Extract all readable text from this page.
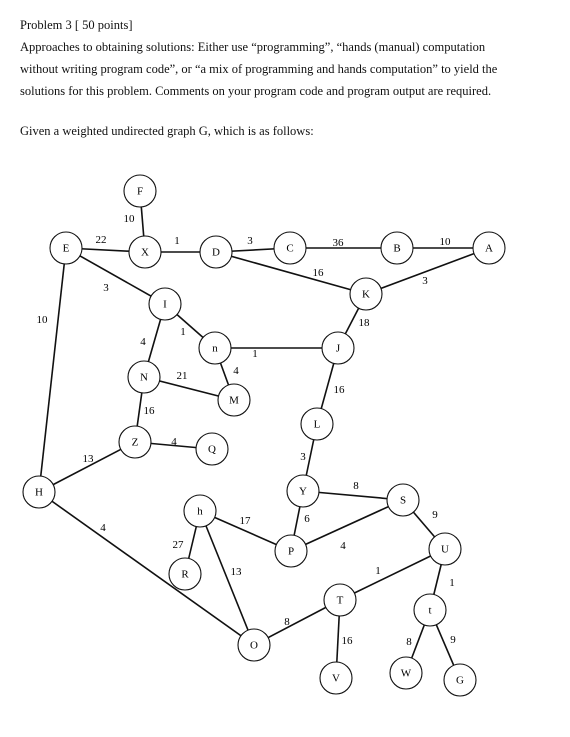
Problem 3 [ 50 points]

Approaches to obtaining solutions: Either use “programming”, “hands (manual) computation

without writing program code”, or “a mix of programming and hands computation” to yield the

solutions for this problem. Comments on your program code and program output are required.

Given a weighted undirected graph G, which is as follows:

10
22	1	3	36	10
16
3
3
10
1
4
18
1
4
21
16
16
4
13	3
4
8
6
4
9
17
27
13	1
1
8
16	8	9
F
E	X	D	C	B	A
K
I
n	J
N
M
L
Z
Q
H	Y
S
h
P	U
R
T
t
O
V	W
G
